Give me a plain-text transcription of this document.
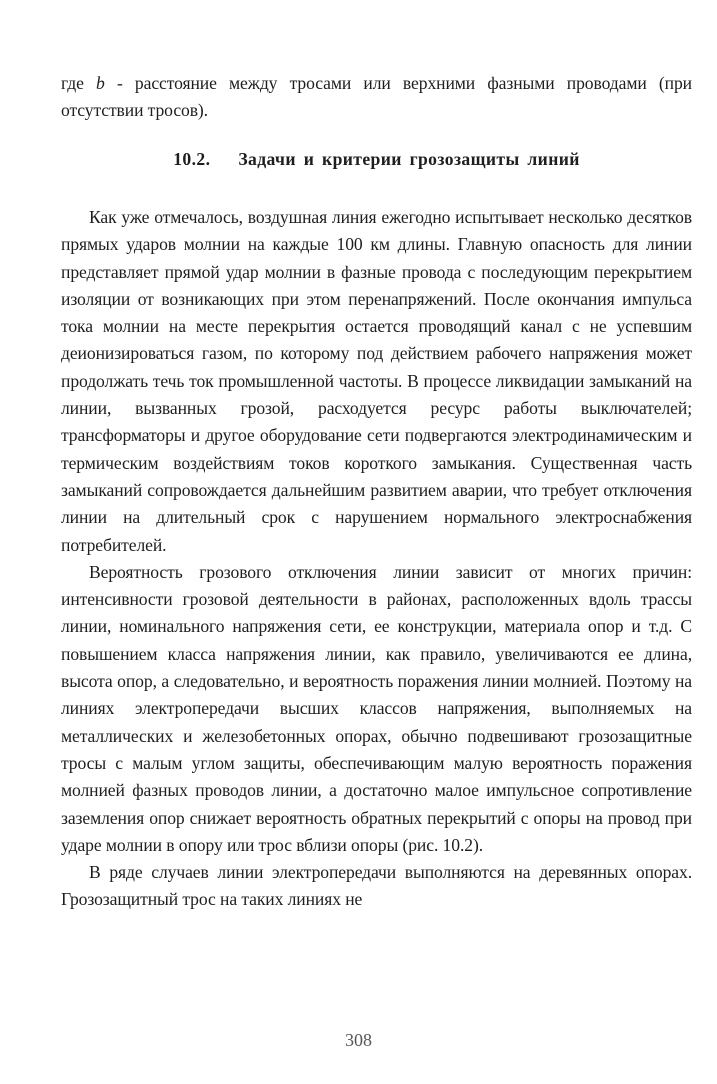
где b - расстояние между тросами или верхними фазными проводами (при отсутствии тросов).

10.2. Задачи и критерии грозозащиты линий

Как уже отмечалось, воздушная линия ежегодно испытывает несколько десятков прямых ударов молнии на каждые 100 км длины. Главную опасность для линии представляет прямой удар молнии в фазные провода с последующим перекрытием изоляции от возникающих при этом перенапряжений. После окончания импульса тока молнии на месте перекрытия остается проводящий канал с не успевшим деионизироваться газом, по которому под действием рабочего напряжения может продолжать течь ток промышленной частоты. В процессе ликвидации замыканий на линии, вызванных грозой, расходуется ресурс работы выключателей; трансформаторы и другое оборудование сети подвергаются электродинамическим и термическим воздействиям токов короткого замыкания. Существенная часть замыканий сопровождается дальнейшим развитием аварии, что требует отключения линии на длительный срок с нарушением нормального электроснабжения потребителей.

Вероятность грозового отключения линии зависит от многих причин: интенсивности грозовой деятельности в районах, расположенных вдоль трассы линии, номинального напряжения сети, ее конструкции, материала опор и т.д. С повышением класса напряжения линии, как правило, увеличиваются ее длина, высота опор, а следовательно, и вероятность поражения линии молнией. Поэтому на линиях электропередачи высших классов напряжения, выполняемых на металлических и железобетонных опорах, обычно подвешивают грозозащитные тросы с малым углом защиты, обеспечивающим малую вероятность поражения молнией фазных проводов линии, а достаточно малое импульсное сопротивление заземления опор снижает вероятность обратных перекрытий с опоры на провод при ударе молнии в опору или трос вблизи опоры (рис. 10.2).

В ряде случаев линии электропередачи выполняются на деревянных опорах. Грозозащитный трос на таких линиях не

308
